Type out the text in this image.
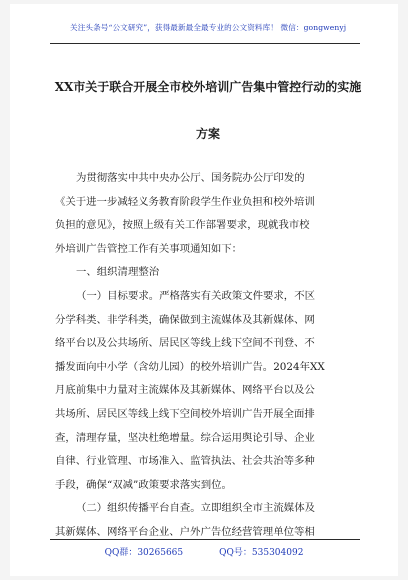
关注头条号“公文研究”，获得最新最全最专业的公文资料库！ 微信：gongwenyj
XX市关于联合开展全市校外培训广告集中管控行动的实施
方案
为贯彻落实中共中央办公厅、国务院办公厅印发的
《关于进一步减轻义务教育阶段学生作业负担和校外培训
负担的意见》，按照上级有关工作部署要求，现就我市校
外培训广告管控工作有关事项通知如下：
一、组织清理整治
（一）目标要求。严格落实有关政策文件要求，不区
分学科类、非学科类，确保做到主流媒体及其新媒体、网
络平台以及公共场所、居民区等线上线下空间不刊登、不
播发面向中小学（含幼儿园）的校外培训广告。2024年XX
月底前集中力量对主流媒体及其新媒体、网络平台以及公
共场所、居民区等线上线下空间校外培训广告开展全面排
查，清理存量，坚决杜绝增量。综合运用舆论引导、企业
自律、行业管理、市场准入、监管执法、社会共治等多种
手段，确保“双减”政策要求落实到位。
（二）组织传播平台自查。立即组织全市主流媒体及
其新媒体、网络平台企业、户外广告位经营管理单位等相
QQ群：30265665	QQ号：535304092
